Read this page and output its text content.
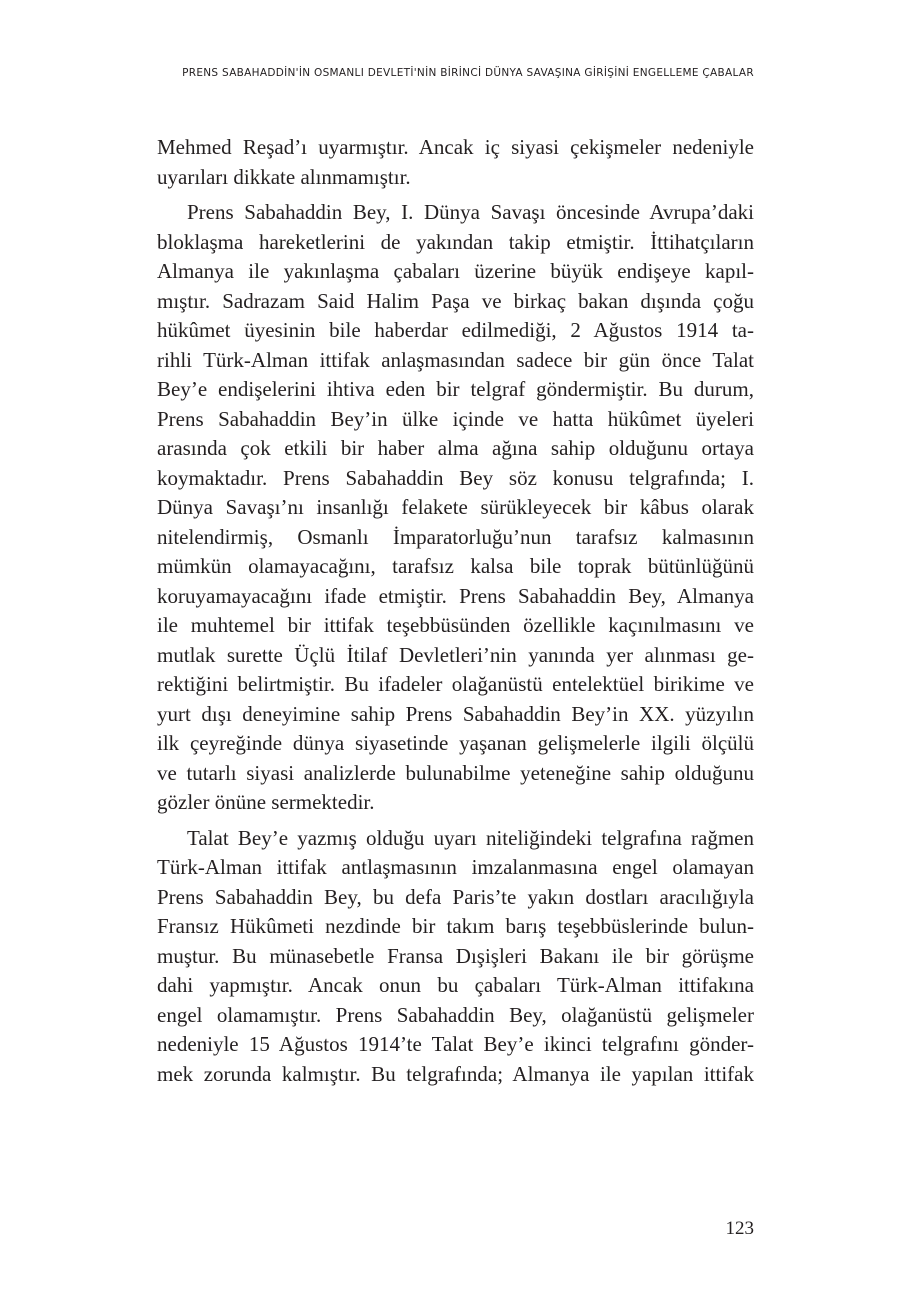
PRENS SABAHADDİN'İN OSMANLI DEVLETİ'NİN BİRİNCİ DÜNYA SAVAŞINA GİRİŞİNİ ENGELLEME ÇABALAR
Mehmed Reşad’ı uyarmıştır. Ancak iç siyasi çekişmeler nedeniyle
uyarıları dikkate alınmamıştır.
Prens Sabahaddin Bey, I. Dünya Savaşı öncesinde Avrupa’daki
bloklaşma hareketlerini de yakından takip etmiştir. İttihatçıların
Almanya ile yakınlaşma çabaları üzerine büyük endişeye kapıl-
mıştır. Sadrazam Said Halim Paşa ve birkaç bakan dışında çoğu
hükûmet üyesinin bile haberdar edilmediği, 2 Ağustos 1914 ta-
rihli Türk-Alman ittifak anlaşmasından sadece bir gün önce Talat
Bey’e endişelerini ihtiva eden bir telgraf göndermiştir. Bu durum,
Prens Sabahaddin Bey’in ülke içinde ve hatta hükûmet üyeleri
arasında çok etkili bir haber alma ağına sahip olduğunu ortaya
koymaktadır. Prens Sabahaddin Bey söz konusu telgrafında; I.
Dünya Savaşı’nı insanlığı felakete sürükleyecek bir kâbus olarak
nitelendirmiş, Osmanlı İmparatorluğu’nun tarafsız kalmasının
mümkün olamayacağını, tarafsız kalsa bile toprak bütünlüğünü
koruyamayacağını ifade etmiştir. Prens Sabahaddin Bey, Almanya
ile muhtemel bir ittifak teşebbüsünden özellikle kaçınılmasını ve
mutlak surette Üçlü İtilaf Devletleri’nin yanında yer alınması ge-
rektiğini belirtmiştir. Bu ifadeler olağanüstü entelektüel birikime ve
yurt dışı deneyimine sahip Prens Sabahaddin Bey’in XX. yüzyılın
ilk çeyreğinde dünya siyasetinde yaşanan gelişmelerle ilgili ölçülü
ve tutarlı siyasi analizlerde bulunabilme yeteneğine sahip olduğunu
gözler önüne sermektedir.
Talat Bey’e yazmış olduğu uyarı niteliğindeki telgrafına rağmen
Türk-Alman ittifak antlaşmasının imzalanmasına engel olamayan
Prens Sabahaddin Bey, bu defa Paris’te yakın dostları aracılığıyla
Fransız Hükûmeti nezdinde bir takım barış teşebbüslerinde bulun-
muştur. Bu münasebetle Fransa Dışişleri Bakanı ile bir görüşme
dahi yapmıştır. Ancak onun bu çabaları Türk-Alman ittifakına
engel olamamıştır. Prens Sabahaddin Bey, olağanüstü gelişmeler
nedeniyle 15 Ağustos 1914’te Talat Bey’e ikinci telgrafını gönder-
mek zorunda kalmıştır. Bu telgrafında; Almanya ile yapılan ittifak
123
